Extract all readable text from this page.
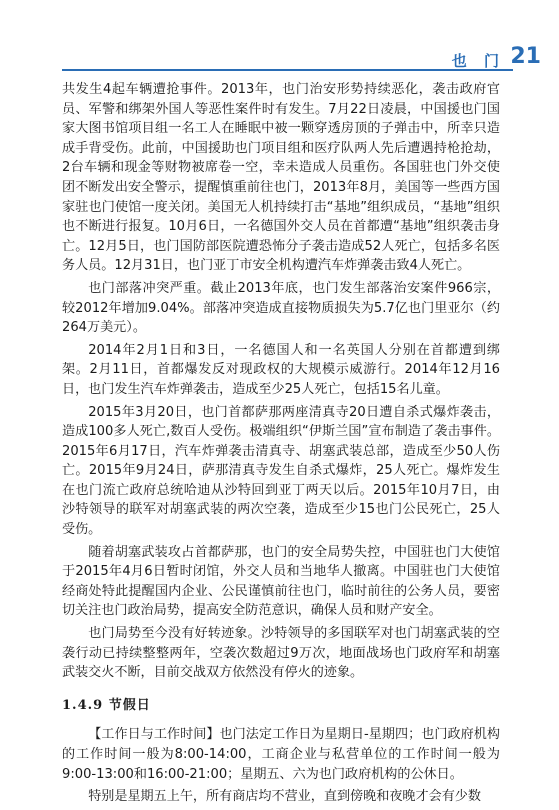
也 门 21

共发生4起车辆遭抢事件。2013年，也门治安形势持续恶化，袭击政府官员、军警和绑架外国人等恶性案件时有发生。7月22日凌晨，中国援也门国家大图书馆项目组一名工人在睡眠中被一颗穿透房顶的子弹击中，所幸只造成手背受伤。此前，中国援助也门项目组和医疗队两人先后遭遇持枪抢劫，2台车辆和现金等财物被席卷一空，幸未造成人员重伤。各国驻也门外交使团不断发出安全警示，提醒慎重前往也门，2013年8月，美国等一些西方国家驻也门使馆一度关闭。美国无人机持续打击“基地”组织成员，“基地”组织也不断进行报复。10月6日，一名德国外交人员在首都遭“基地”组织袭击身亡。12月5日，也门国防部医院遭恐怖分子袭击造成52人死亡，包括多名医务人员。12月31日，也门亚丁市安全机构遭汽车炸弹袭击致4人死亡。

也门部落冲突严重。截止2013年底，也门发生部落治安案件966宗，较2012年增加9.04%。部落冲突造成直接物质损失为5.7亿也门里亚尔（约264万美元）。

2014年2月1日和3日，一名德国人和一名英国人分别在首都遭到绑架。2月11日，首都爆发反对现政权的大规模示威游行。2014年12月16日，也门发生汽车炸弹袭击，造成至少25人死亡，包括15名儿童。

2015年3月20日，也门首都萨那两座清真寺20日遭自杀式爆炸袭击，造成100多人死亡,数百人受伤。极端组织“伊斯兰国”宣布制造了袭击事件。2015年6月17日，汽车炸弹袭击清真寺、胡塞武装总部，造成至少50人伤亡。2015年9月24日，萨那清真寺发生自杀式爆炸，25人死亡。爆炸发生在也门流亡政府总统哈迪从沙特回到亚丁两天以后。2015年10月7日，由沙特领导的联军对胡塞武装的两次空袭，造成至少15也门公民死亡，25人受伤。

随着胡塞武装攻占首都萨那，也门的安全局势失控，中国驻也门大使馆于2015年4月6日暂时闭馆，外交人员和当地华人撤离。中国驻也门大使馆经商处特此提醒国内企业、公民谨慎前往也门，临时前往的公务人员，要密切关注也门政治局势，提高安全防范意识，确保人员和财产安全。

也门局势至今没有好转迹象。沙特领导的多国联军对也门胡塞武装的空袭行动已持续整整两年，空袭次数超过9万次，地面战场也门政府军和胡塞武装交火不断，目前交战双方依然没有停火的迹象。

1.4.9 节假日

【工作日与工作时间】也门法定工作日为星期日-星期四；也门政府机构的工作时间一般为8:00-14:00，工商企业与私营单位的工作时间一般为9:00-13:00和16:00-21:00；星期五、六为也门政府机构的公休日。

特别是星期五上午，所有商店均不营业，直到傍晚和夜晚才会有少数
